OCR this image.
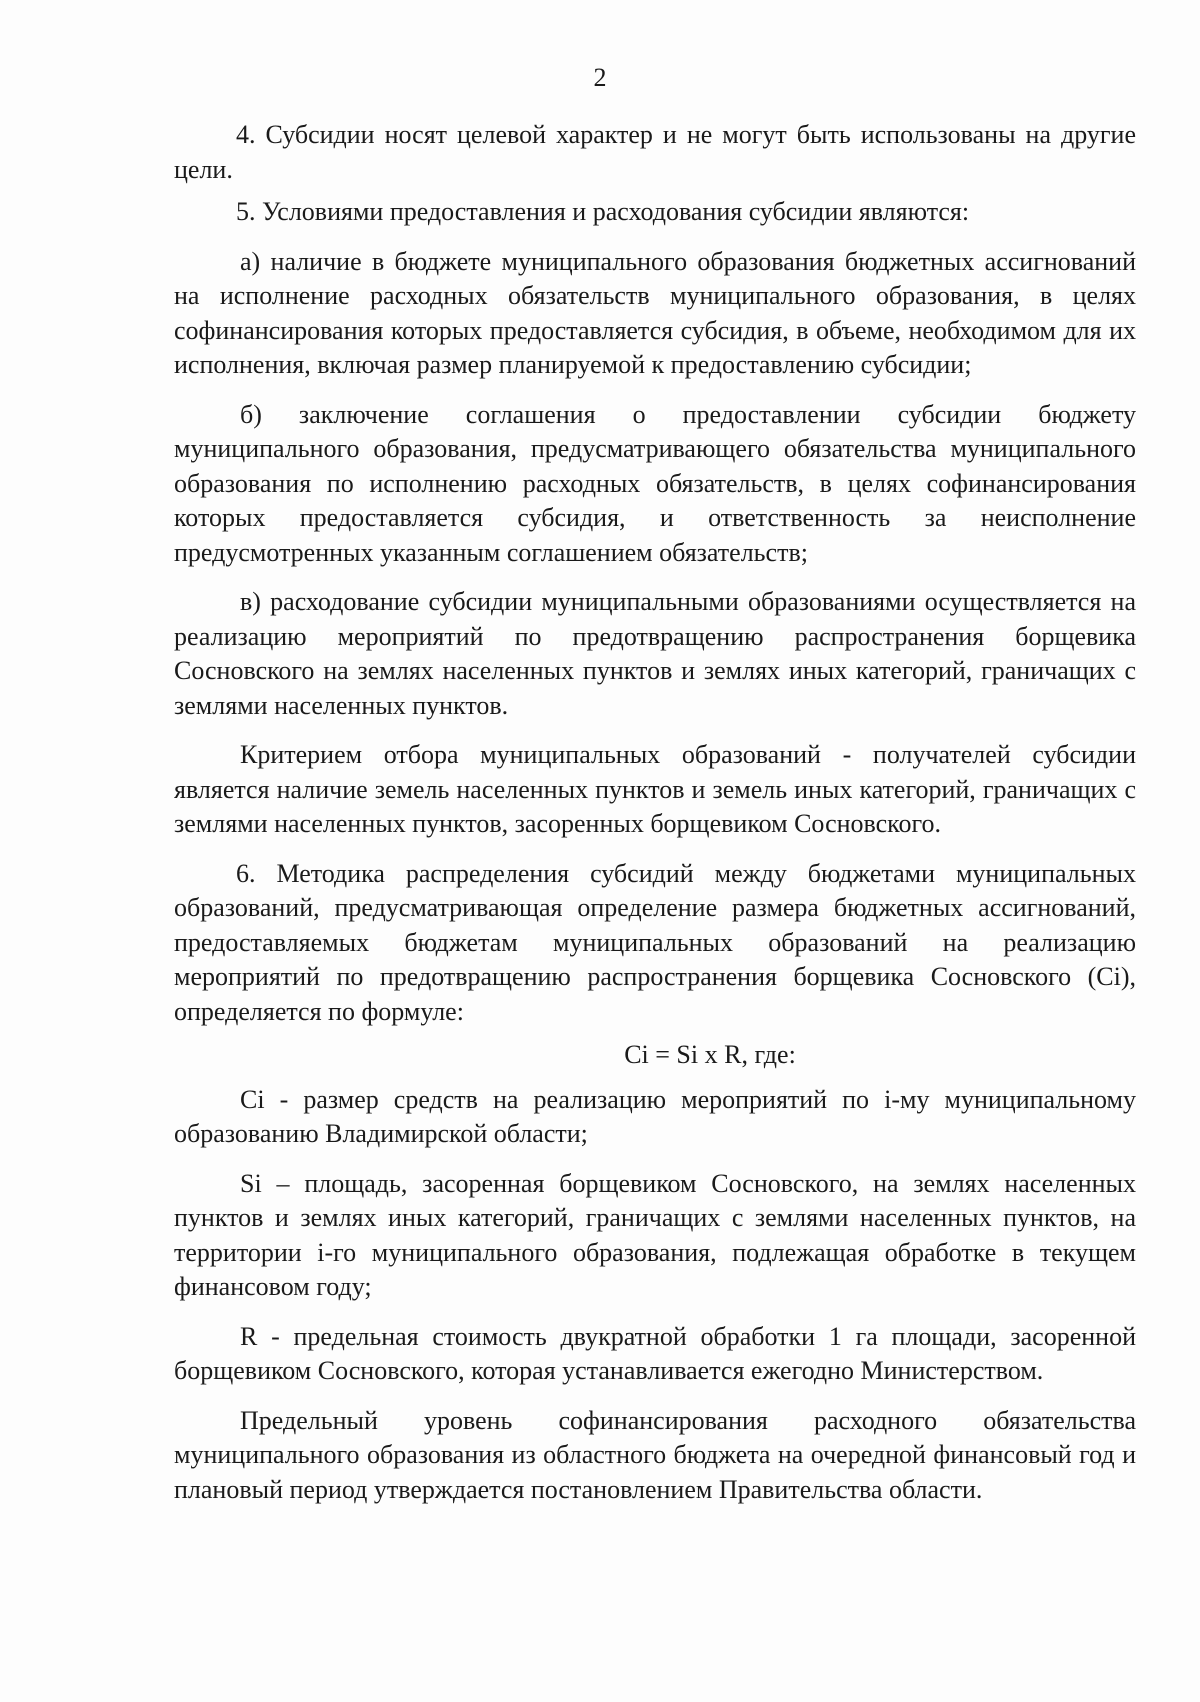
2

4. Субсидии носят целевой характер и не могут быть использованы на другие цели.

5. Условиями предоставления и расходования субсидии являются:

а) наличие в бюджете муниципального образования бюджетных ассигнований на исполнение расходных обязательств муниципального образования, в целях софинансирования которых предоставляется субсидия, в объеме, необходимом для их исполнения, включая размер планируемой к предоставлению субсидии;

б) заключение соглашения о предоставлении субсидии бюджету муниципального образования, предусматривающего обязательства муниципального образования по исполнению расходных обязательств, в целях софинансирования которых предоставляется субсидия, и ответственность за неисполнение предусмотренных указанным соглашением обязательств;

в) расходование субсидии муниципальными образованиями осуществляется на реализацию мероприятий по предотвращению распространения борщевика Сосновского на землях населенных пунктов и землях иных категорий, граничащих с землями населенных пунктов.

Критерием отбора муниципальных образований - получателей субсидии является наличие земель населенных пунктов и земель иных категорий, граничащих с землями населенных пунктов, засоренных борщевиком Сосновского.

6. Методика распределения субсидий между бюджетами муниципальных образований, предусматривающая определение размера бюджетных ассигнований, предоставляемых бюджетам муниципальных образований на реализацию мероприятий по предотвращению распространения борщевика Сосновского (Ci), определяется по формуле:

Ci = Si x R, где:

Ci - размер средств на реализацию мероприятий по i-му муниципальному образованию Владимирской области;

Si – площадь, засоренная борщевиком Сосновского, на землях населенных пунктов и землях иных категорий, граничащих с землями населенных пунктов, на территории i-го муниципального образования, подлежащая обработке в текущем финансовом году;

R - предельная стоимость двукратной обработки 1 га площади, засоренной борщевиком Сосновского, которая устанавливается ежегодно Министерством.

Предельный уровень софинансирования расходного обязательства муниципального образования из областного бюджета на очередной финансовый год и плановый период утверждается постановлением Правительства области.
